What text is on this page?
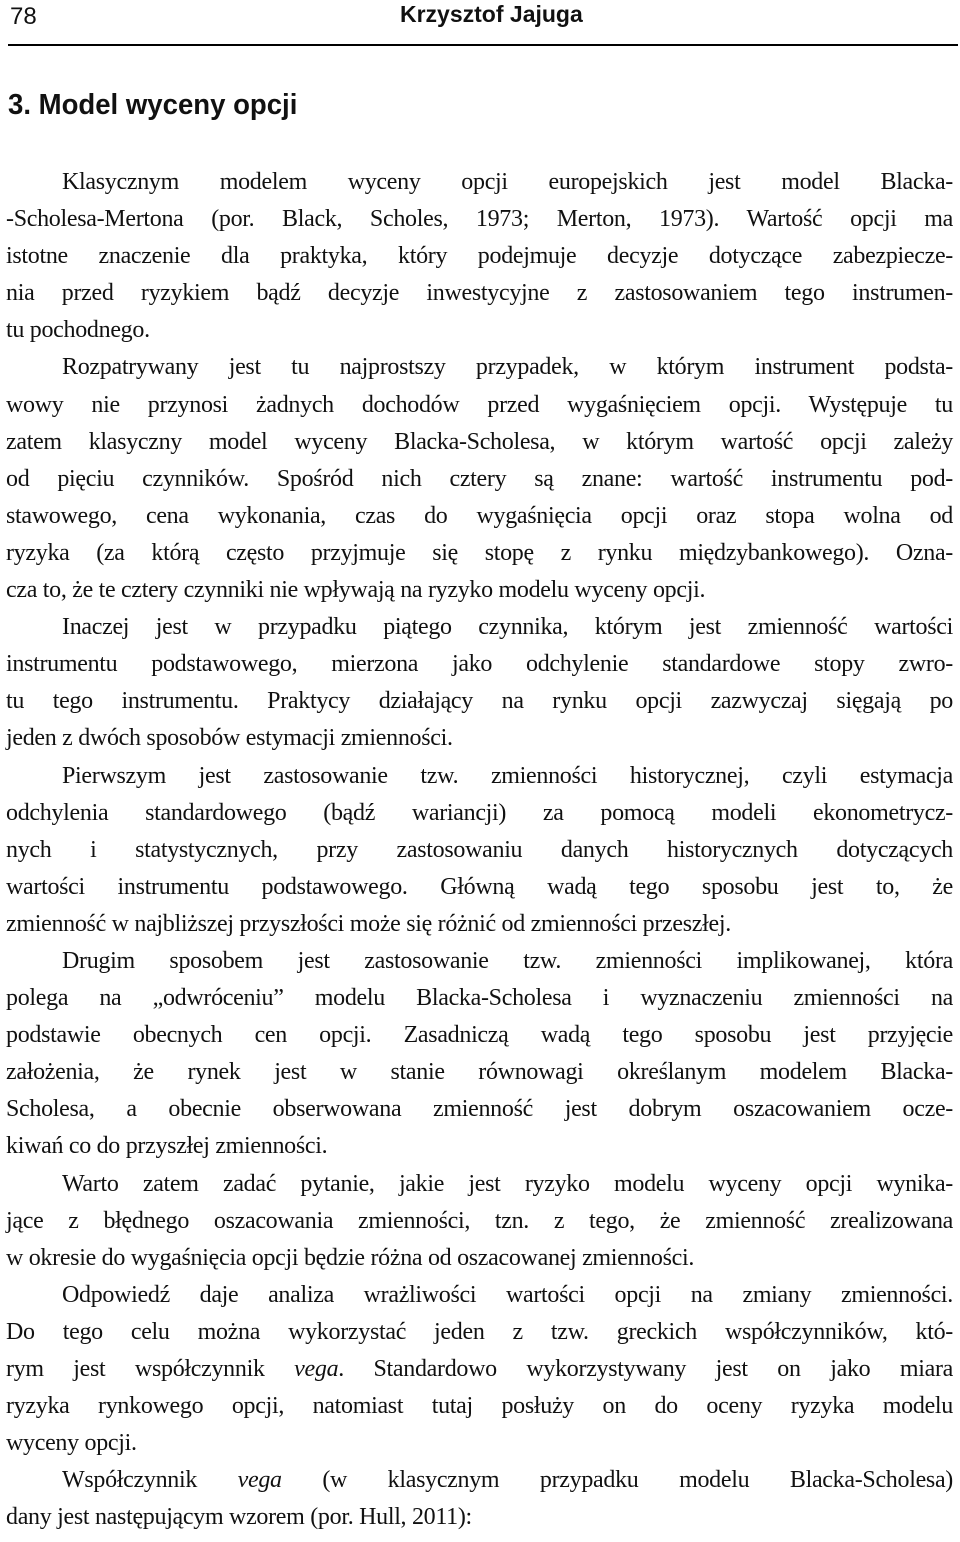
78	Krzysztof Jajuga
3. Model wyceny opcji
Klasycznym modelem wyceny opcji europejskich jest model Blacka-
-Scholesa-Mertona (por. Black, Scholes, 1973; Merton, 1973). Wartość opcji ma
istotne znaczenie dla praktyka, który podejmuje decyzje dotyczące zabezpiecze-
nia przed ryzykiem bądź decyzje inwestycyjne z zastosowaniem tego instrumen-
tu pochodnego.
Rozpatrywany jest tu najprostszy przypadek, w którym instrument podsta-
wowy nie przynosi żadnych dochodów przed wygaśnięciem opcji. Występuje tu
zatem klasyczny model wyceny Blacka-Scholesa, w którym wartość opcji zależy
od pięciu czynników. Spośród nich cztery są znane: wartość instrumentu pod-
stawowego, cena wykonania, czas do wygaśnięcia opcji oraz stopa wolna od
ryzyka (za którą często przyjmuje się stopę z rynku międzybankowego). Ozna-
cza to, że te cztery czynniki nie wpływają na ryzyko modelu wyceny opcji.
Inaczej jest w przypadku piątego czynnika, którym jest zmienność wartości
instrumentu podstawowego, mierzona jako odchylenie standardowe stopy zwro-
tu tego instrumentu. Praktycy działający na rynku opcji zazwyczaj sięgają po
jeden z dwóch sposobów estymacji zmienności.
Pierwszym jest zastosowanie tzw. zmienności historycznej, czyli estymacja
odchylenia standardowego (bądź wariancji) za pomocą modeli ekonometrycz-
nych i statystycznych, przy zastosowaniu danych historycznych dotyczących
wartości instrumentu podstawowego. Główną wadą tego sposobu jest to, że
zmienność w najbliższej przyszłości może się różnić od zmienności przeszłej.
Drugim sposobem jest zastosowanie tzw. zmienności implikowanej, która
polega na „odwróceniu” modelu Blacka-Scholesa i wyznaczeniu zmienności na
podstawie obecnych cen opcji. Zasadniczą wadą tego sposobu jest przyjęcie
założenia, że rynek jest w stanie równowagi określanym modelem Blacka-
Scholesa, a obecnie obserwowana zmienność jest dobrym oszacowaniem ocze-
kiwań co do przyszłej zmienności.
Warto zatem zadać pytanie, jakie jest ryzyko modelu wyceny opcji wynika-
jące z błędnego oszacowania zmienności, tzn. z tego, że zmienność zrealizowana
w okresie do wygaśnięcia opcji będzie różna od oszacowanej zmienności.
Odpowiedź daje analiza wrażliwości wartości opcji na zmiany zmienności.
Do tego celu można wykorzystać jeden z tzw. greckich współczynników, któ-
rym jest współczynnik vega. Standardowo wykorzystywany jest on jako miara
ryzyka rynkowego opcji, natomiast tutaj posłuży on do oceny ryzyka modelu
wyceny opcji.
Współczynnik vega (w klasycznym przypadku modelu Blacka-Scholesa)
dany jest następującym wzorem (por. Hull, 2011):
